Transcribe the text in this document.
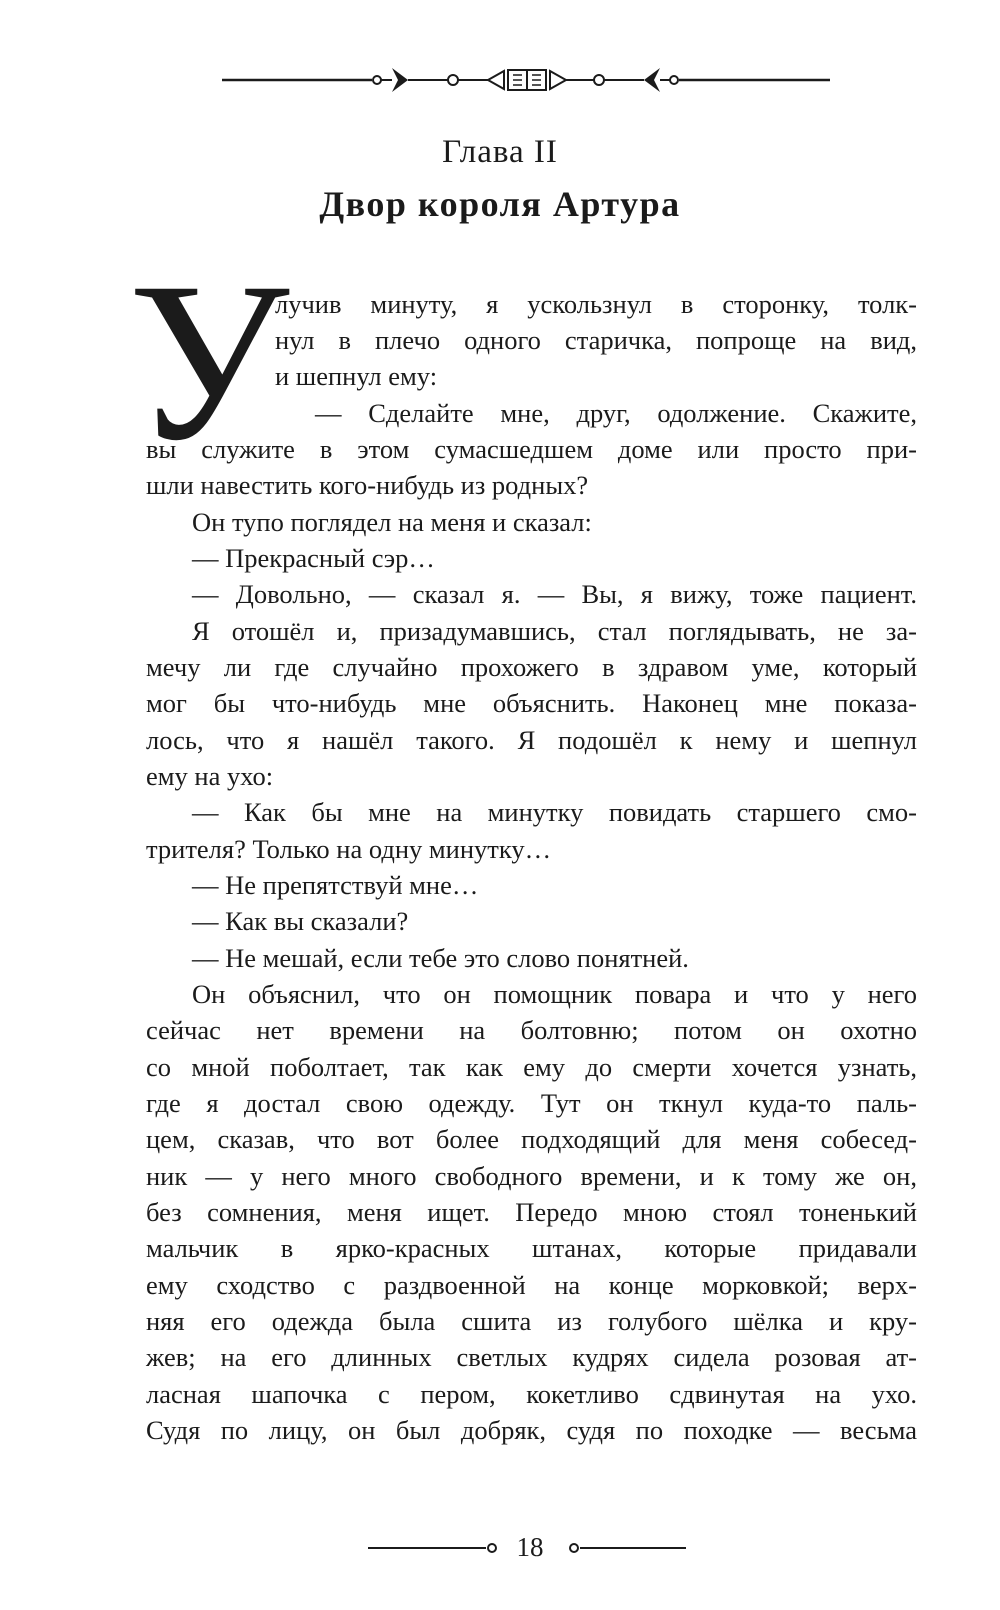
Глава II
Двор короля Артура
У
лучив минуту, я ускользнул в сторонку, толк-
нул в плечо одного старичка, попроще на вид,
и шепнул ему:
— Сделайте мне, друг, одолжение. Скажите,
вы служите в этом сумасшедшем доме или просто при-
шли навестить кого-нибудь из родных?
Он тупо поглядел на меня и сказал:
— Прекрасный сэр…
— Довольно, — сказал я. — Вы, я вижу, тоже пациент.
Я отошёл и, призадумавшись, стал поглядывать, не за-
мечу ли где случайно прохожего в здравом уме, который
мог бы что-нибудь мне объяснить. Наконец мне показа-
лось, что я нашёл такого. Я подошёл к нему и шепнул
ему на ухо:
— Как бы мне на минутку повидать старшего смо-
трителя? Только на одну минутку…
— Не препятствуй мне…
— Как вы сказали?
— Не мешай, если тебе это слово понятней.
Он объяснил, что он помощник повара и что у него
сейчас нет времени на болтовню; потом он охотно
со мной поболтает, так как ему до смерти хочется узнать,
где я достал свою одежду. Тут он ткнул куда-то паль-
цем, сказав, что вот более подходящий для меня собесед-
ник — у него много свободного времени, и к тому же он,
без сомнения, меня ищет. Передо мною стоял тоненький
мальчик в ярко-красных штанах, которые придавали
ему сходство с раздвоенной на конце морковкой; верх-
няя его одежда была сшита из голубого шёлка и кру-
жев; на его длинных светлых кудрях сидела розовая ат-
ласная шапочка с пером, кокетливо сдвинутая на ухо.
Судя по лицу, он был добряк, судя по походке — весьма
18
